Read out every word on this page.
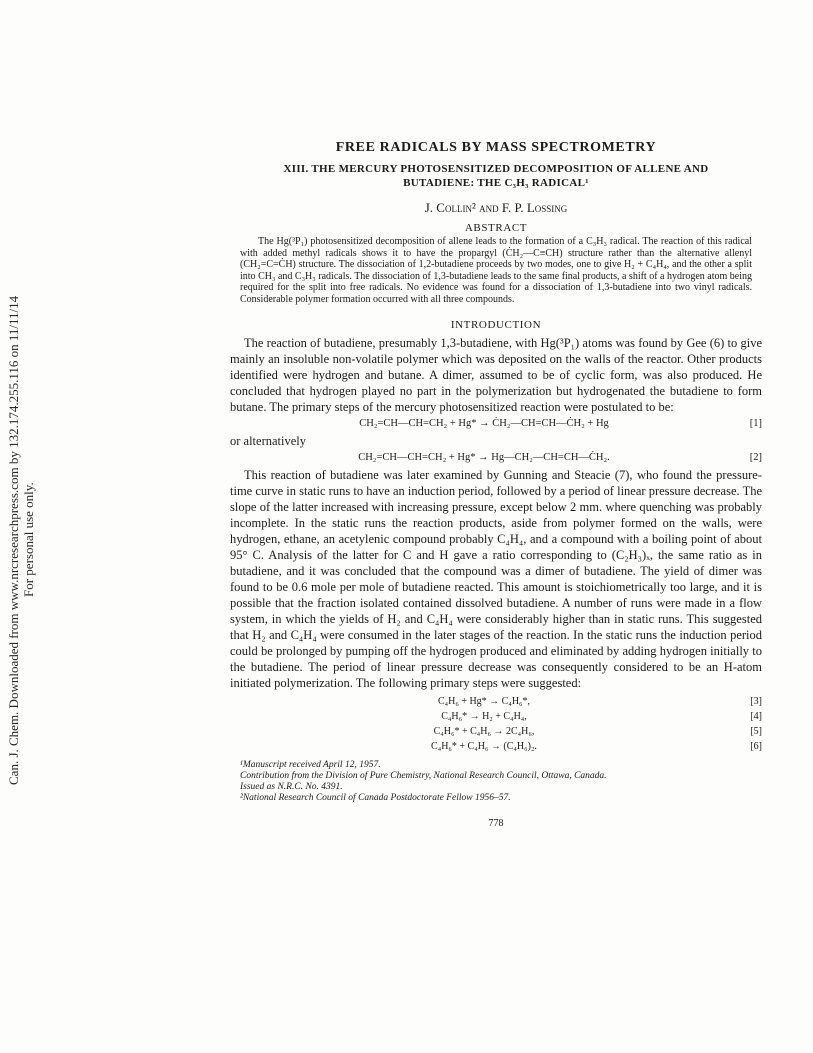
Can. J. Chem. Downloaded from www.nrcresearchpress.com by 132.174.255.116 on 11/11/14 For personal use only.
FREE RADICALS BY MASS SPECTROMETRY
XIII. THE MERCURY PHOTOSENSITIZED DECOMPOSITION OF ALLENE AND
BUTADIENE: THE C₃H₃ RADICAL¹
J. Collin² and F. P. Lossing
ABSTRACT

The Hg(³P₁) photosensitized decomposition of allene leads to the formation of a C₃H₃ radical. The reaction of this radical with added methyl radicals shows it to have the propargyl (ĊH₂—C≡CH) structure rather than the alternative allenyl (CH₂=C=ĊH) structure. The dissociation of 1,2-butadiene proceeds by two modes, one to give H₂ + C₄H₄, and the other a split into CH₃ and C₃H₃ radicals. The dissociation of 1,3-butadiene leads to the same final products, a shift of a hydrogen atom being required for the split into free radicals. No evidence was found for a dissociation of 1,3-butadiene into two vinyl radicals. Considerable polymer formation occurred with all three compounds.

INTRODUCTION

The reaction of butadiene, presumably 1,3-butadiene, with Hg(³P₁) atoms was found by Gee (6) to give mainly an insoluble non-volatile polymer which was deposited on the walls of the reactor. Other products identified were hydrogen and butane. A dimer, assumed to be of cyclic form, was also produced. He concluded that hydrogen played no part in the polymerization but hydrogenated the butadiene to form butane. The primary steps of the mercury photosensitized reaction were postulated to be:

CH₂=CH—CH=CH₂ + Hg* → ĊH₂—CH=CH—ĊH₂ + Hg	[1]

or alternatively

CH₂=CH—CH=CH₂ + Hg* → Hg—CH₂—CH=CH—ĊH₂.	[2]

This reaction of butadiene was later examined by Gunning and Steacie (7), who found the pressure-time curve in static runs to have an induction period, followed by a period of linear pressure decrease. The slope of the latter increased with increasing pressure, except below 2 mm. where quenching was probably incomplete. In the static runs the reaction products, aside from polymer formed on the walls, were hydrogen, ethane, an acetylenic compound probably C₄H₄, and a compound with a boiling point of about 95° C. Analysis of the latter for C and H gave a ratio corresponding to (C₂H₃)ₓ, the same ratio as in butadiene, and it was concluded that the compound was a dimer of butadiene. The yield of dimer was found to be 0.6 mole per mole of butadiene reacted. This amount is stoichiometrically too large, and it is possible that the fraction isolated contained dissolved butadiene. A number of runs were made in a flow system, in which the yields of H₂ and C₄H₄ were considerably higher than in static runs. This suggested that H₂ and C₄H₄ were consumed in the later stages of the reaction. In the static runs the induction period could be prolonged by pumping off the hydrogen produced and eliminated by adding hydrogen initially to the butadiene. The period of linear pressure decrease was consequently considered to be an H-atom initiated polymerization. The following primary steps were suggested:

C₄H₆ + Hg* → C₄H₆*,	[3]
C₄H₆* → H₂ + C₄H₄,	[4]
C₄H₆* + C₄H₆ → 2C₄H₆,	[5]
C₄H₆* + C₄H₆ → (C₄H₆)₂.	[6]
¹Manuscript received April 12, 1957.
Contribution from the Division of Pure Chemistry, National Research Council, Ottawa, Canada.
Issued as N.R.C. No. 4391.
²National Research Council of Canada Postdoctorate Fellow 1956–57.
778
